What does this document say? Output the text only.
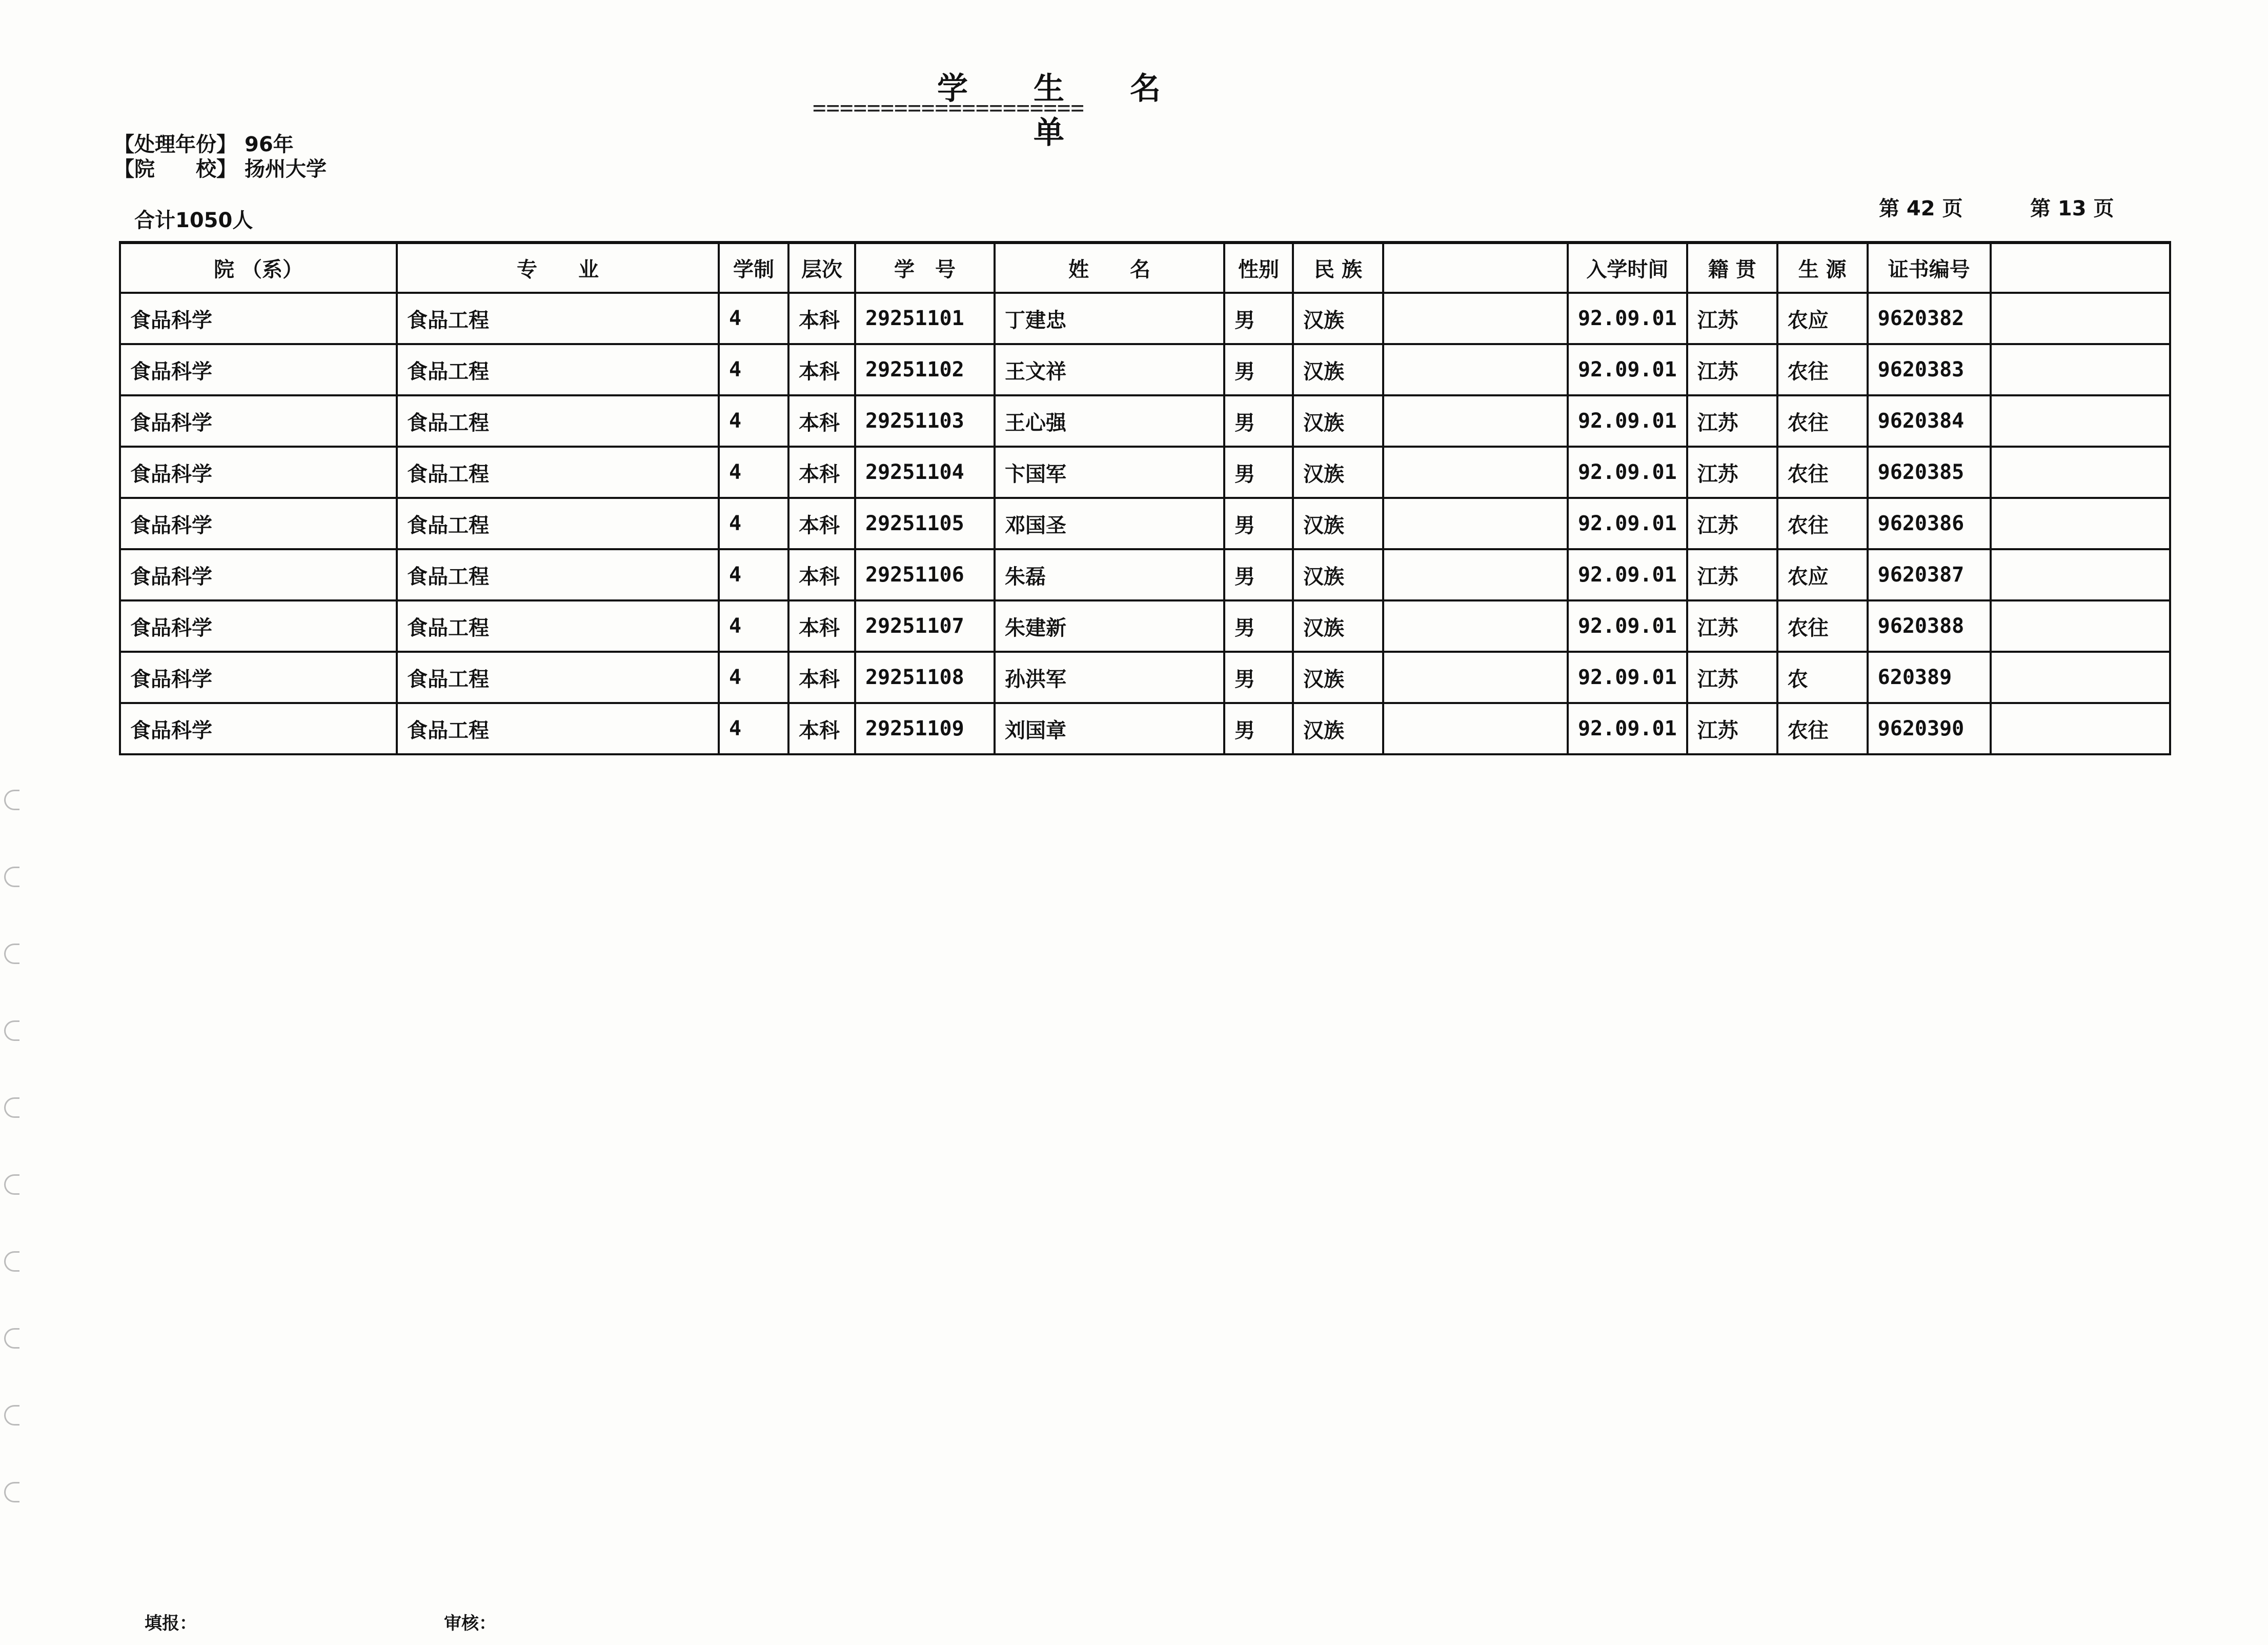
学生名单
====================
【处理年份】 96年
【院　　校】 扬州大学
合计1050人	第 42 页	第 13 页
院 （系）	专　　业	学制	层次	学　号	姓　　名	性别	民 族		入学时间	籍 贯	生 源	证书编号	
食品科学	食品工程	4	本科	29251101	丁建忠	男	汉族		92.09.01	江苏	农应	9620382	
食品科学	食品工程	4	本科	29251102	王文祥	男	汉族		92.09.01	江苏	农往	9620383	
食品科学	食品工程	4	本科	29251103	王心强	男	汉族		92.09.01	江苏	农往	9620384	
食品科学	食品工程	4	本科	29251104	卞国军	男	汉族		92.09.01	江苏	农往	9620385	
食品科学	食品工程	4	本科	29251105	邓国圣	男	汉族		92.09.01	江苏	农往	9620386	
食品科学	食品工程	4	本科	29251106	朱磊	男	汉族		92.09.01	江苏	农应	9620387	
食品科学	食品工程	4	本科	29251107	朱建新	男	汉族		92.09.01	江苏	农往	9620388	
食品科学	食品工程	4	本科	29251108	孙洪军	男	汉族		92.09.01	江苏	农	620389	
食品科学	食品工程	4	本科	29251109	刘国章	男	汉族		92.09.01	江苏	农往	9620390	
填报：	审核：
